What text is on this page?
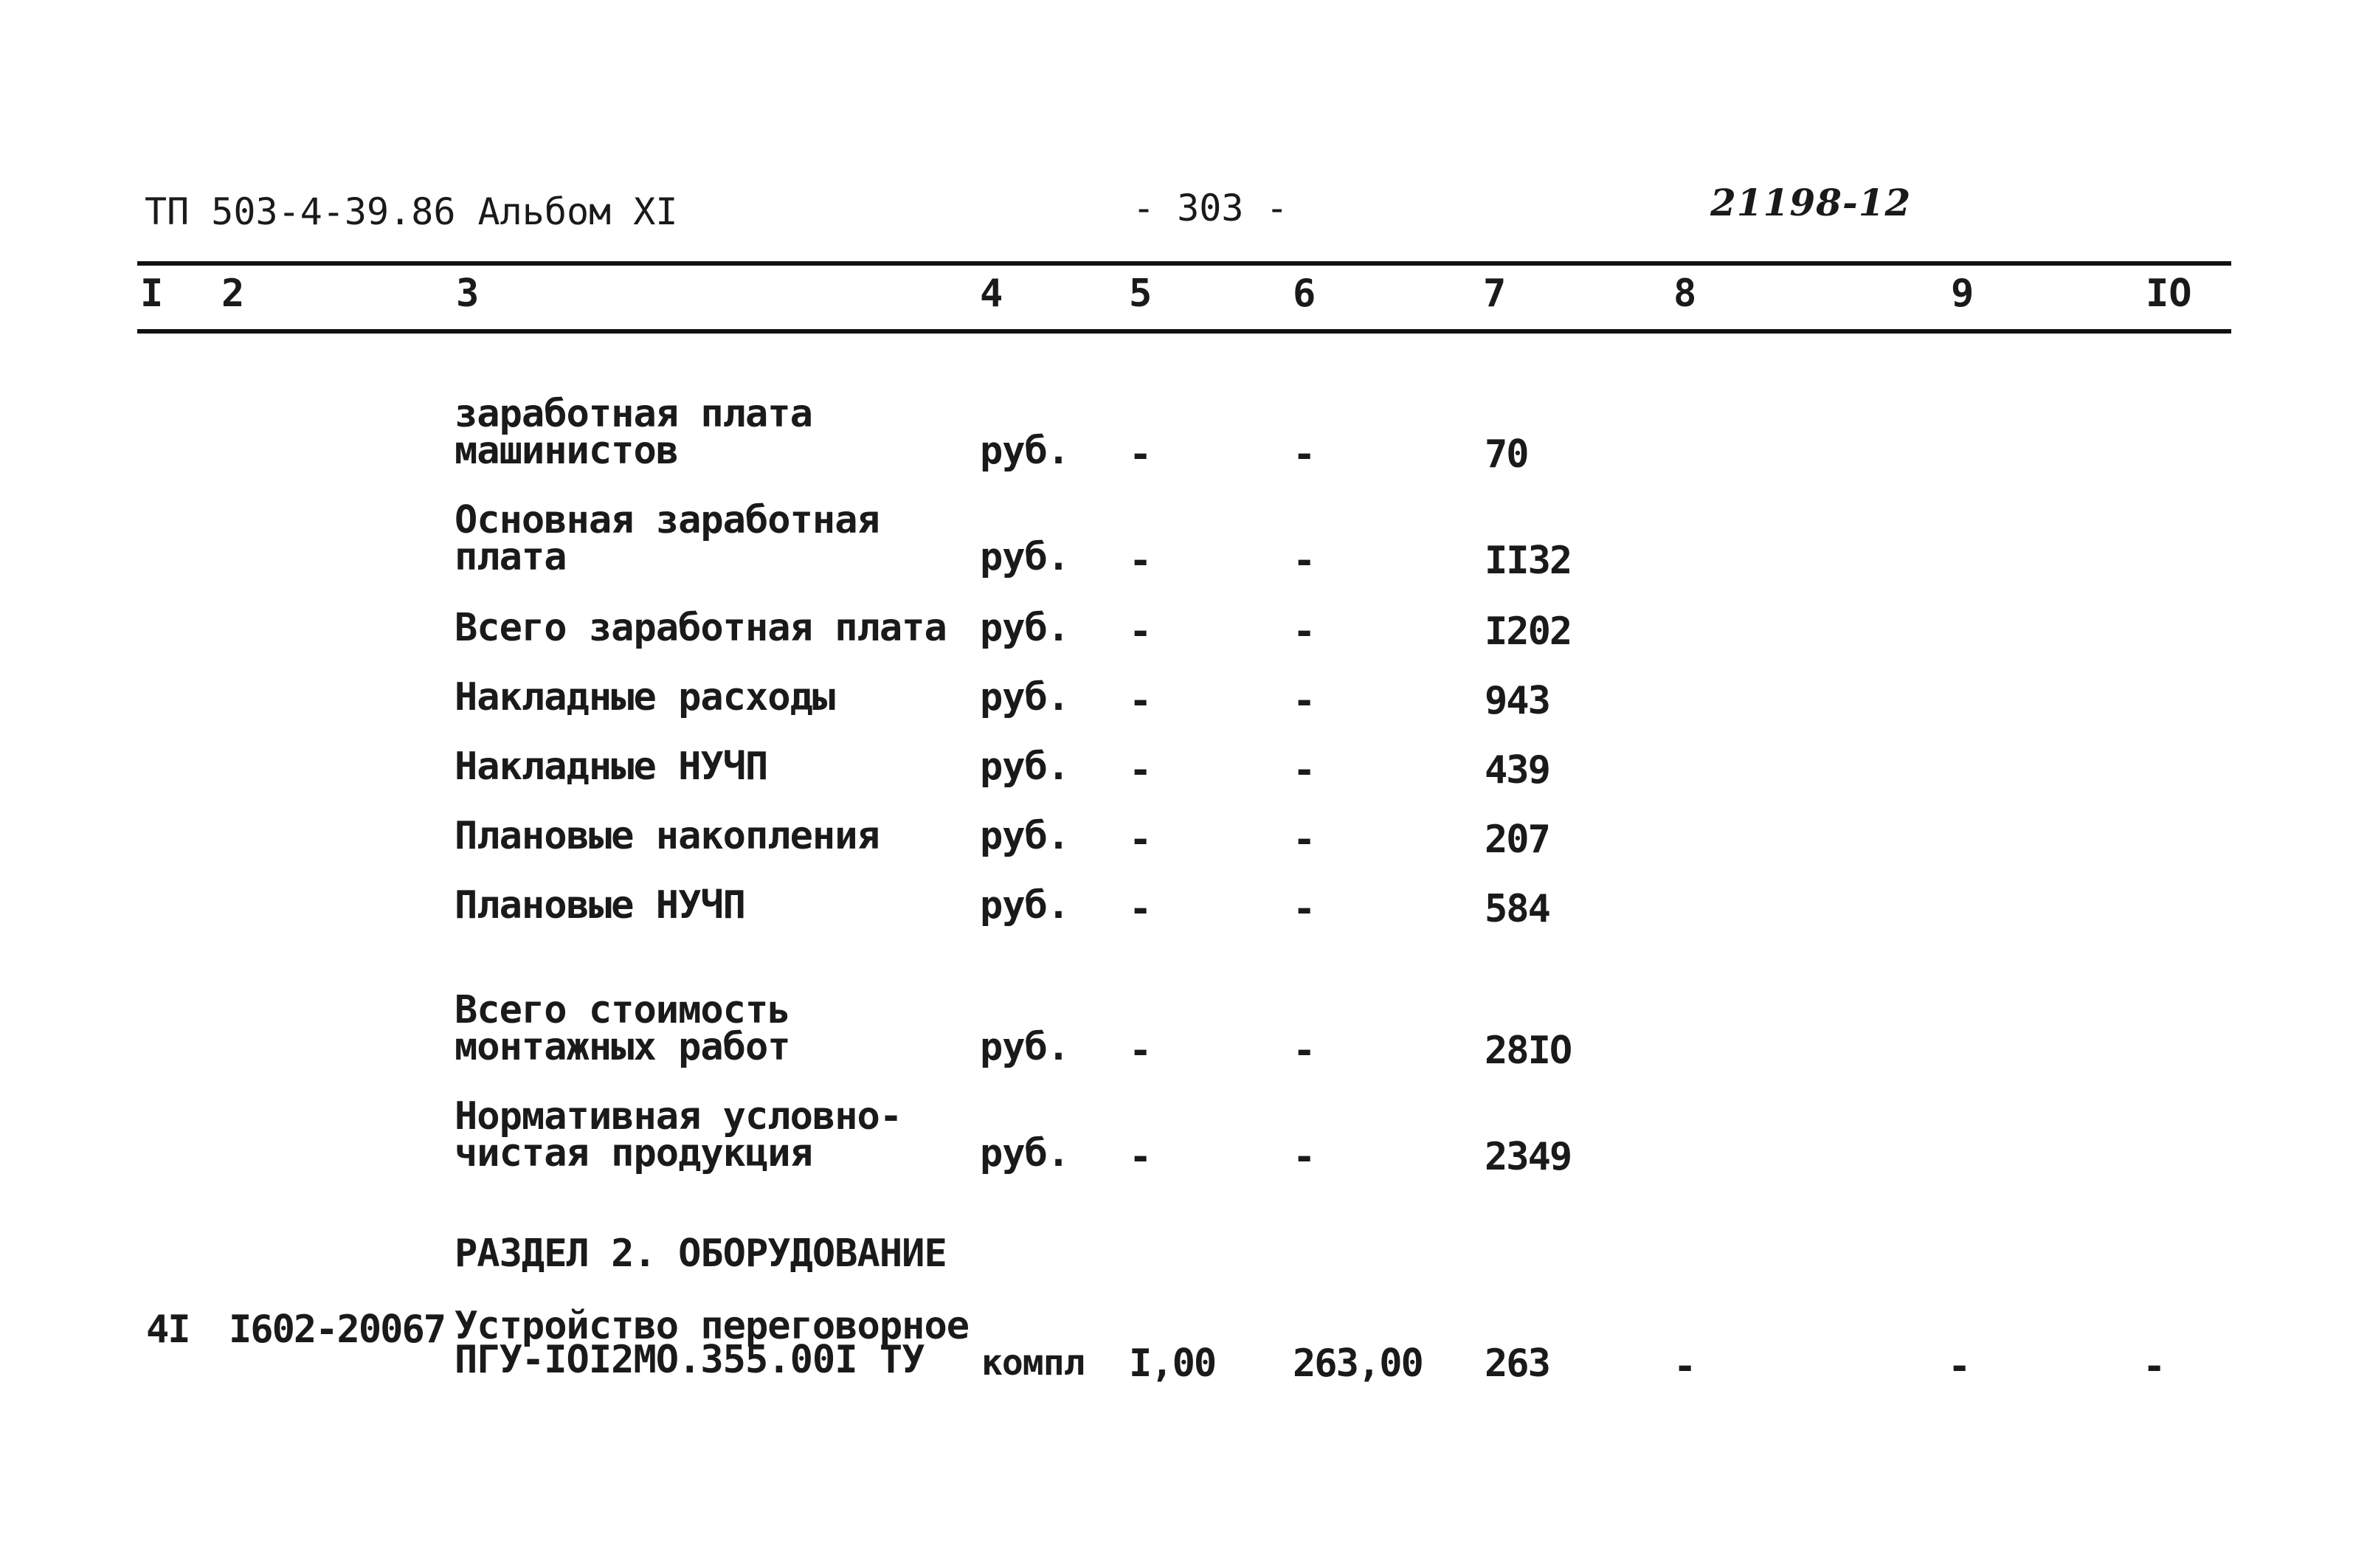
ТП 503-4-39.86 Альбом XI	- 303 -	21198-12
I 2	3	4	5	6	7	8	9	IO
заработная плата
машинистов	руб. -	-	70
Основная заработная
плата	руб. -	-	II32
Всего заработная плата руб. -	-	I202
Накладные расходы	руб. -	-	943
Накладные НУЧП	руб. -	-	439
Плановые накопления	руб. -	-	207
Плановые НУЧП	руб. -	-	584
Всего стоимость
монтажных работ	руб. -	-	28IO
Нормативная условно-
чистая продукция	руб. -	-	2349
РАЗДЕЛ 2. ОБОРУДОВАНИЕ
4I I602-20067 Устройство переговорное
ПГУ-IOI2МО.355.00I ТУ компл I,00 263,00 263	-	-	-
